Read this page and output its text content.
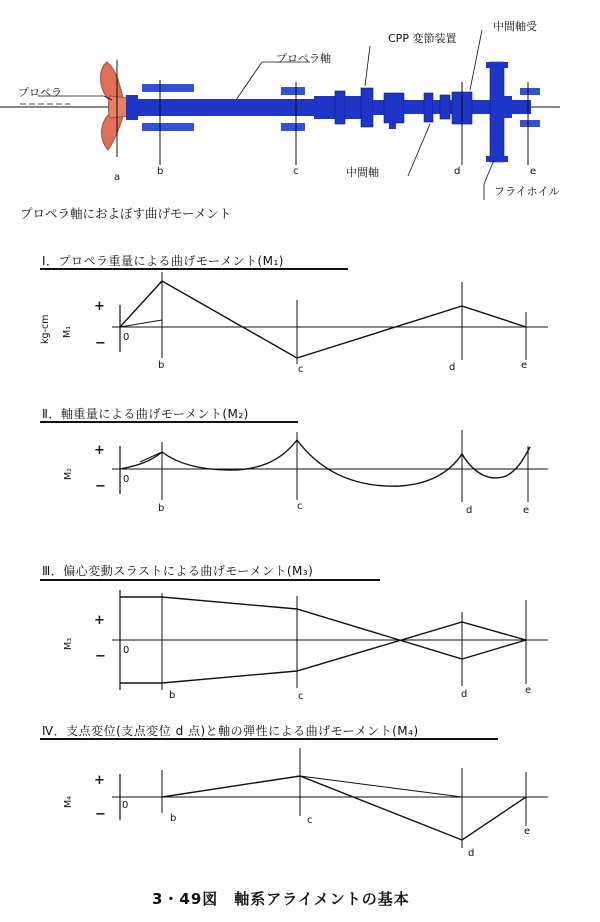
プロペラ
プロペラ軸
CPP 変節装置
中間軸受
中間軸
フライホイル
a
b	c	d	e
プロペラ軸におよぼす曲げモーメント
Ⅰ．プロペラ重量による曲げモーメント(M₁)
kg-cm M₁
+
− 0
b	c	d	e
Ⅱ．軸重量による曲げモーメント(M₂)
M₂
+
− 0
b	c	d	e
Ⅲ．偏心変動スラストによる曲げモーメント(M₃)
M₃
+
− 0
b	c	d	e
Ⅳ．支点変位(支点変位 d 点)と軸の弾性による曲げモーメント(M₄)
M₄
+
−
0
b	c
d
e
3・49図　軸系アライメントの基本
